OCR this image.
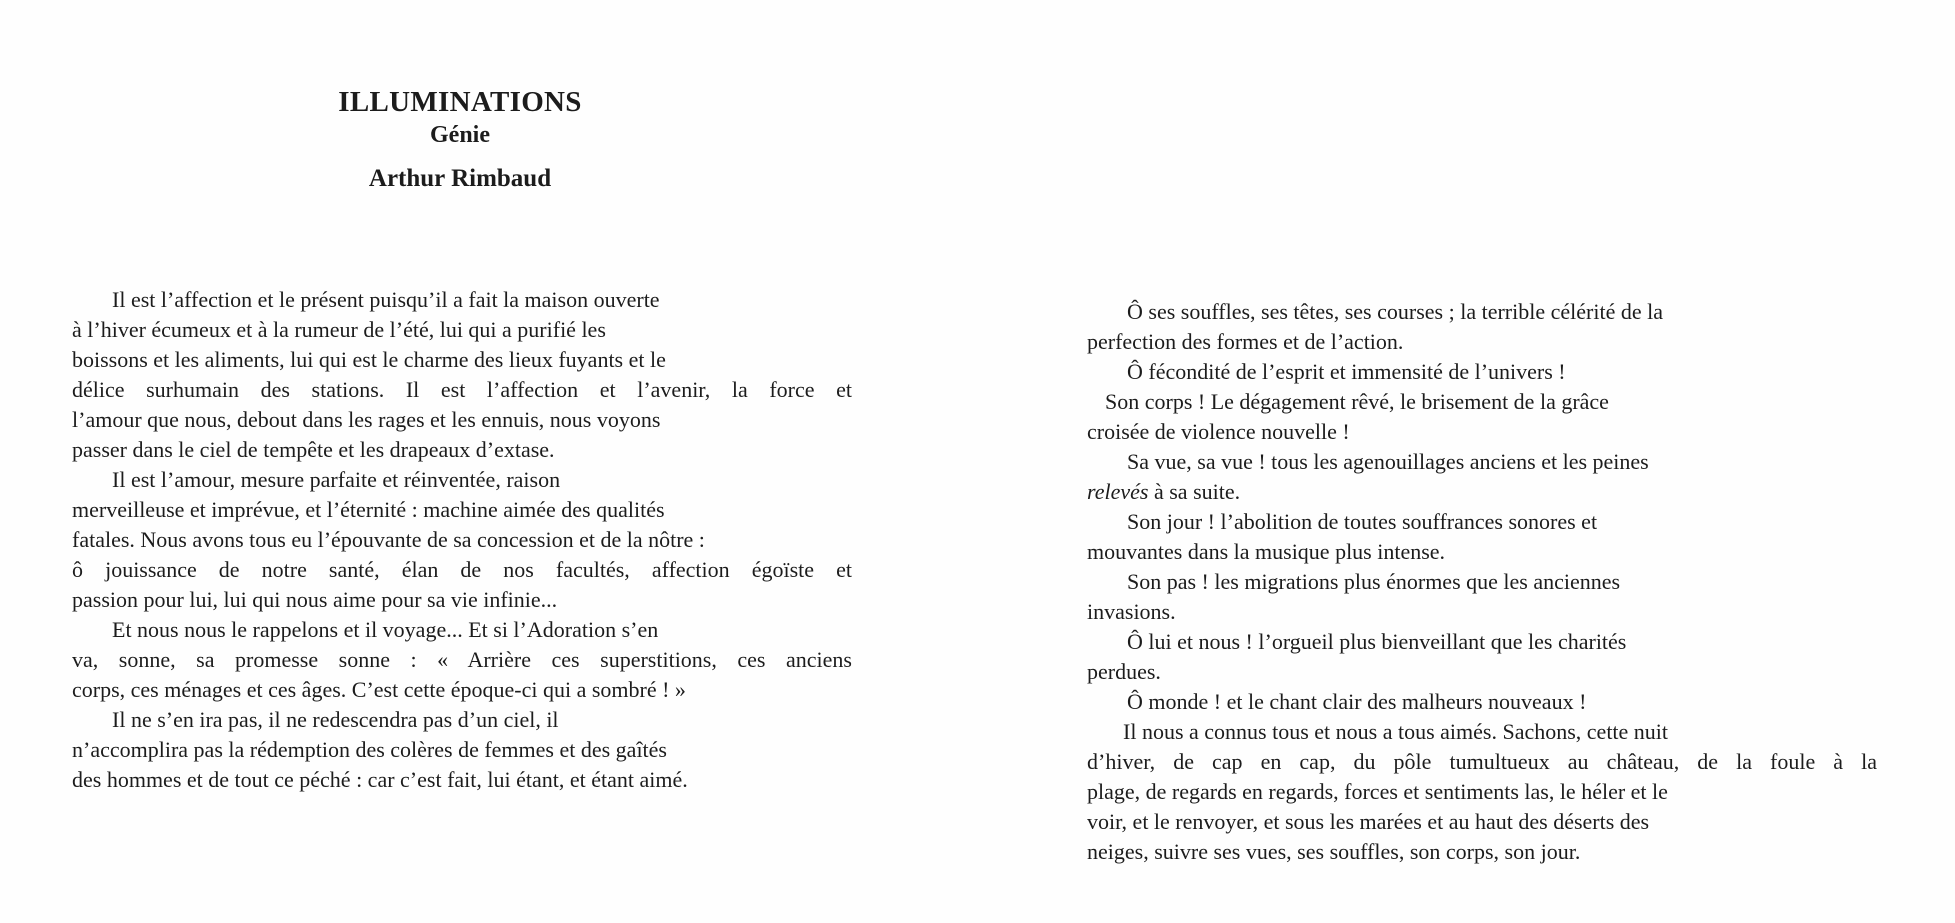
ILLUMINATIONS
Génie
Arthur Rimbaud
Il est l’affection et le présent puisqu’il a fait la maison ouverte
à l’hiver écumeux et à la rumeur de l’été, lui qui a purifié les
boissons et les aliments, lui qui est le charme des lieux fuyants et le
délice surhumain des stations. Il est l’affection et l’avenir, la force et
l’amour que nous, debout dans les rages et les ennuis, nous voyons
passer dans le ciel de tempête et les drapeaux d’extase.
Il est l’amour, mesure parfaite et réinventée, raison
merveilleuse et imprévue, et l’éternité : machine aimée des qualités
fatales. Nous avons tous eu l’épouvante de sa concession et de la nôtre :
ô jouissance de notre santé, élan de nos facultés, affection égoïste et
passion pour lui, lui qui nous aime pour sa vie infinie...
Et nous nous le rappelons et il voyage... Et si l’Adoration s’en
va, sonne, sa promesse sonne : « Arrière ces superstitions, ces anciens
corps, ces ménages et ces âges. C’est cette époque-ci qui a sombré ! »
Il ne s’en ira pas, il ne redescendra pas d’un ciel, il
n’accomplira pas la rédemption des colères de femmes et des gaîtés
des hommes et de tout ce péché : car c’est fait, lui étant, et étant aimé.
Ô ses souffles, ses têtes, ses courses ; la terrible célérité de la
perfection des formes et de l’action.
Ô fécondité de l’esprit et immensité de l’univers !
Son corps ! Le dégagement rêvé, le brisement de la grâce
croisée de violence nouvelle !
Sa vue, sa vue ! tous les agenouillages anciens et les peines
relevés à sa suite.
Son jour ! l’abolition de toutes souffrances sonores et
mouvantes dans la musique plus intense.
Son pas ! les migrations plus énormes que les anciennes
invasions.
Ô lui et nous ! l’orgueil plus bienveillant que les charités
perdues.
Ô monde ! et le chant clair des malheurs nouveaux !
Il nous a connus tous et nous a tous aimés. Sachons, cette nuit
d’hiver, de cap en cap, du pôle tumultueux au château, de la foule à la
plage, de regards en regards, forces et sentiments las, le héler et le
voir, et le renvoyer, et sous les marées et au haut des déserts des
neiges, suivre ses vues, ses souffles, son corps, son jour.
